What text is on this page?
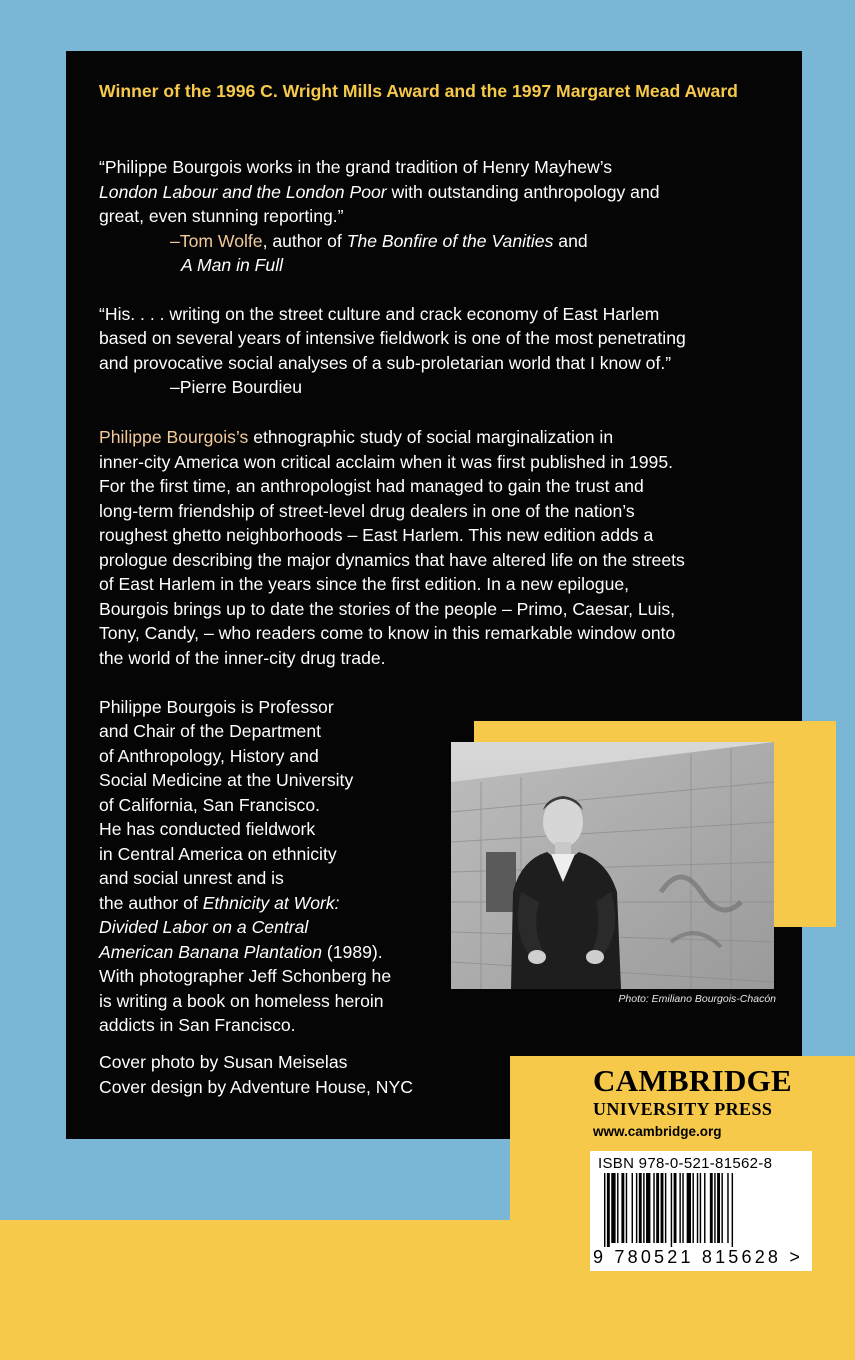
Winner of the 1996 C. Wright Mills Award and the 1997 Margaret Mead Award
“Philippe Bourgois works in the grand tradition of Henry Mayhew’s
London Labour and the London Poor with outstanding anthropology and
great, even stunning reporting.”
–Tom Wolfe, author of The Bonfire of the Vanities and
A Man in Full
“His. . . . writing on the street culture and crack economy of East Harlem
based on several years of intensive fieldwork is one of the most penetrating
and provocative social analyses of a sub-proletarian world that I know of.”
–Pierre Bourdieu
Philippe Bourgois’s ethnographic study of social marginalization in
inner-city America won critical acclaim when it was first published in 1995.
For the first time, an anthropologist had managed to gain the trust and
long-term friendship of street-level drug dealers in one of the nation’s
roughest ghetto neighborhoods – East Harlem. This new edition adds a
prologue describing the major dynamics that have altered life on the streets
of East Harlem in the years since the first edition. In a new epilogue,
Bourgois brings up to date the stories of the people – Primo, Caesar, Luis,
Tony, Candy, – who readers come to know in this remarkable window onto
the world of the inner-city drug trade.
Philippe Bourgois is Professor
and Chair of the Department
of Anthropology, History and
Social Medicine at the University
of California, San Francisco.
He has conducted fieldwork
in Central America on ethnicity
and social unrest and is
the author of Ethnicity at Work:
Divided Labor on a Central
American Banana Plantation (1989).
With photographer Jeff Schonberg he
is writing a book on homeless heroin
addicts in San Francisco.
Cover photo by Susan Meiselas
Cover design by Adventure House, NYC
Photo: Emiliano Bourgois-Chacón
CAMBRIDGE
UNIVERSITY PRESS
www.cambridge.org
ISBN 978-0-521-81562-8
9 780521 815628 >
